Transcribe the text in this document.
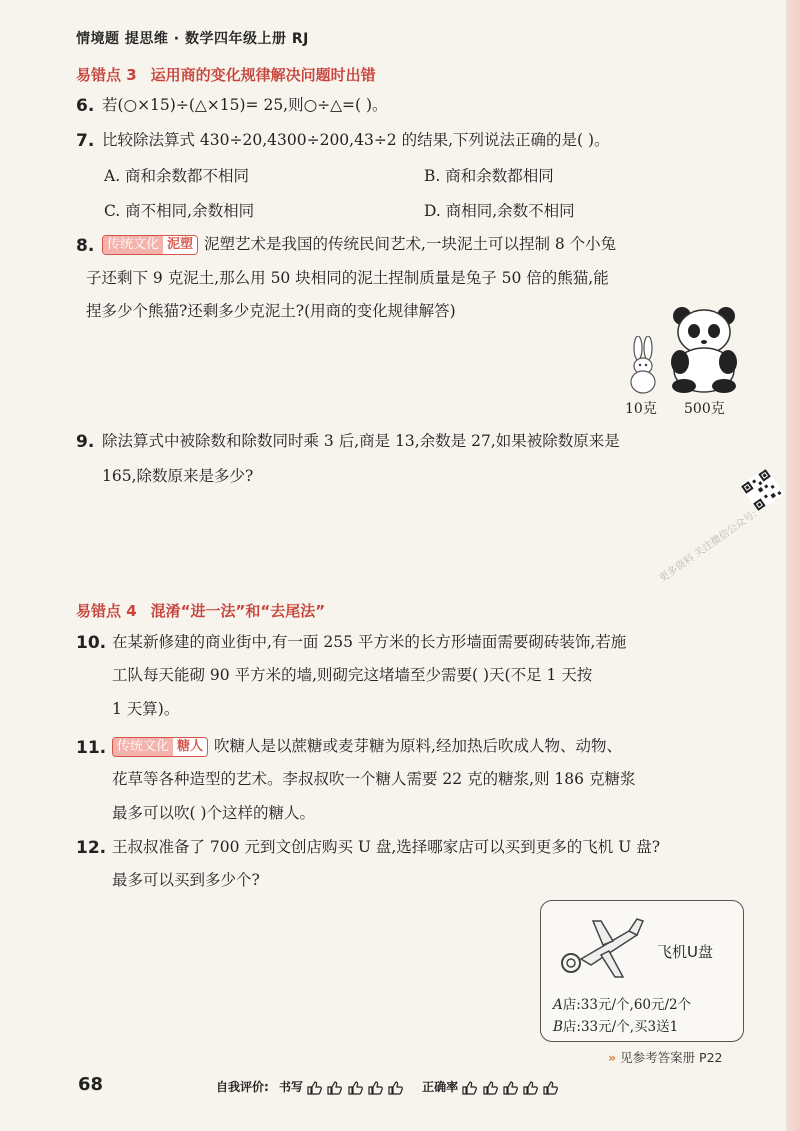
情境题 提思维 · 数学四年级上册 RJ
易错点 3 运用商的变化规律解决问题时出错
6. 若(○×15)÷(△×15)= 25,则○÷△=( )。
7. 比较除法算式 430÷20,4300÷200,43÷2 的结果,下列说法正确的是( )。
A. 商和余数都不相同	B. 商和余数都相同
C. 商不相同,余数相同	D. 商相同,余数不相同
8. 传统文化 泥塑 泥塑艺术是我国的传统民间艺术,一块泥土可以捏制 8 个小兔
子还剩下 9 克泥土,那么用 50 块相同的泥土捏制质量是兔子 50 倍的熊猫,能
捏多少个熊猫?还剩多少克泥土?(用商的变化规律解答)
10克 500克
9. 除法算式中被除数和除数同时乘 3 后,商是 13,余数是 27,如果被除数原来是
165,除数原来是多少?
更多资料 关注微信公众号:
易错点 4 混淆“进一法”和“去尾法”
10. 在某新修建的商业街中,有一面 255 平方米的长方形墙面需要砌砖装饰,若施
工队每天能砌 90 平方米的墙,则砌完这堵墙至少需要( )天(不足 1 天按
1 天算)。
11. 传统文化 糖人 吹糖人是以蔗糖或麦芽糖为原料,经加热后吹成人物、动物、
花草等各种造型的艺术。李叔叔吹一个糖人需要 22 克的糖浆,则 186 克糖浆
最多可以吹( )个这样的糖人。
12. 王叔叔准备了 700 元到文创店购买 U 盘,选择哪家店可以买到更多的飞机 U 盘?
最多可以买到多少个?
飞机U盘
A店:33元/个,60元/2个
B店:33元/个,买3送1
» 见参考答案册 P22
68	自我评价: 书写	正确率
